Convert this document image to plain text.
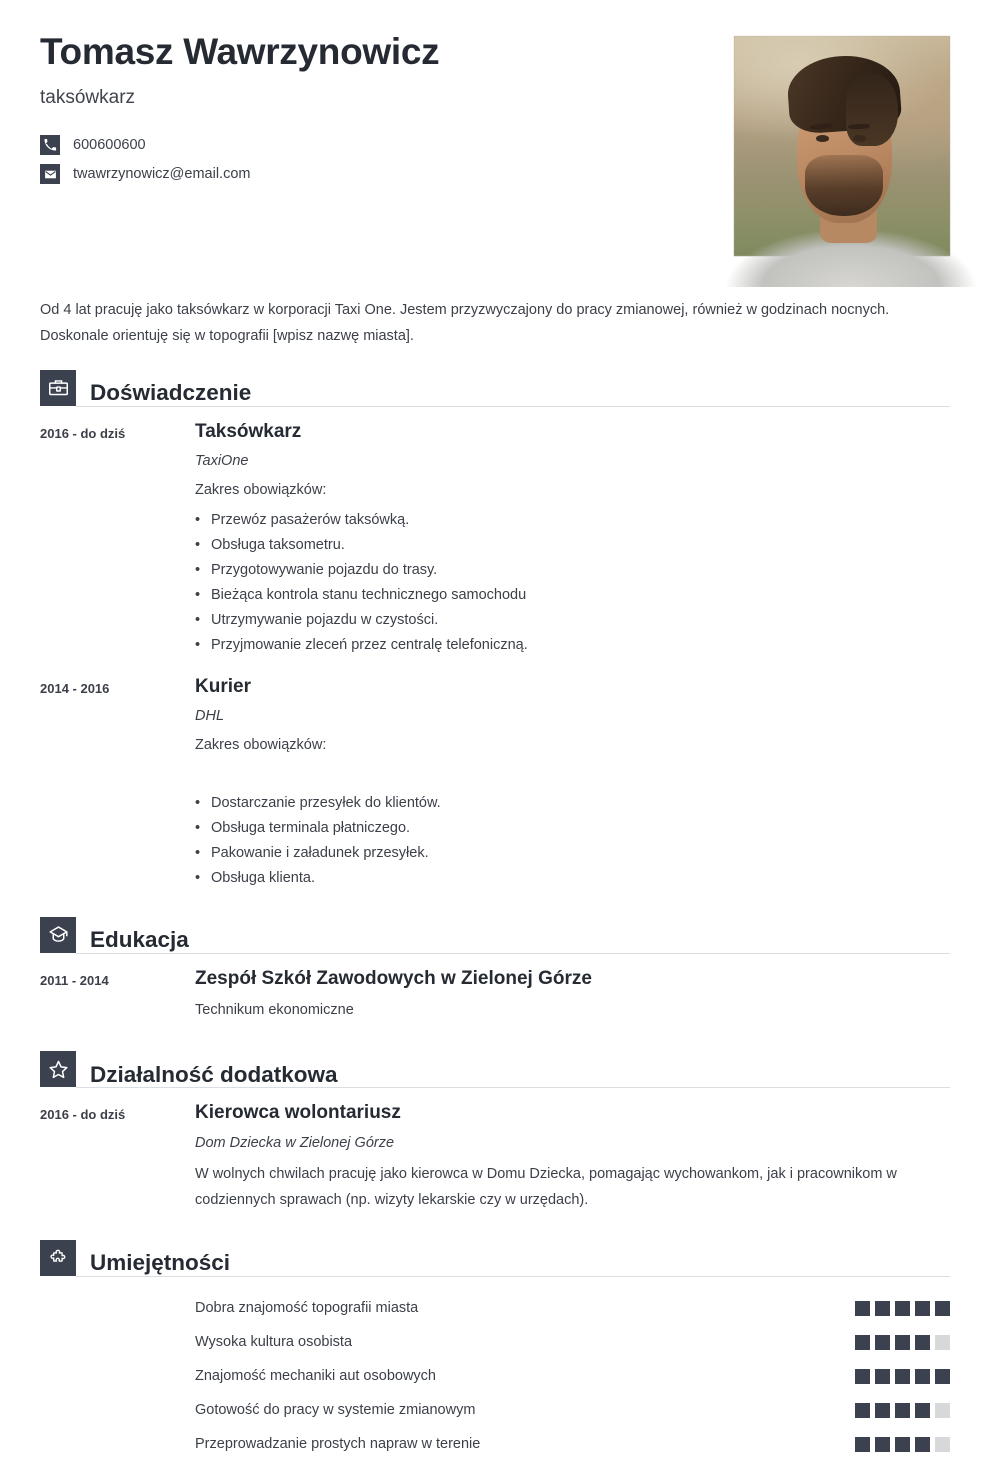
Tomasz Wawrzynowicz
taksówkarz
600600600
twawrzynowicz@email.com

Od 4 lat pracuję jako taksówkarz w korporacji Taxi One. Jestem przyzwyczajony do pracy zmianowej, również w godzinach nocnych. Doskonale orientuję się w topografii [wpisz nazwę miasta].

Doświadczenie
2016 - do dziś	Taksówkarz
TaxiOne
Zakres obowiązków:
• Przewóz pasażerów taksówką.
• Obsługa taksometru.
• Przygotowywanie pojazdu do trasy.
• Bieżąca kontrola stanu technicznego samochodu
• Utrzymywanie pojazdu w czystości.
• Przyjmowanie zleceń przez centralę telefoniczną.
2014 - 2016	Kurier
DHL
Zakres obowiązków:
• Dostarczanie przesyłek do klientów.
• Obsługa terminala płatniczego.
• Pakowanie i załadunek przesyłek.
• Obsługa klienta.
Edukacja
2011 - 2014	Zespół Szkół Zawodowych w Zielonej Górze
Technikum ekonomiczne
Działalność dodatkowa
2016 - do dziś	Kierowca wolontariusz
Dom Dziecka w Zielonej Górze
W wolnych chwilach pracuję jako kierowca w Domu Dziecka, pomagając wychowankom, jak i pracownikom w codziennych sprawach (np. wizyty lekarskie czy w urzędach).
Umiejętności
Dobra znajomość topografii miasta
Wysoka kultura osobista
Znajomość mechaniki aut osobowych
Gotowość do pracy w systemie zmianowym
Przeprowadzanie prostych napraw w terenie
